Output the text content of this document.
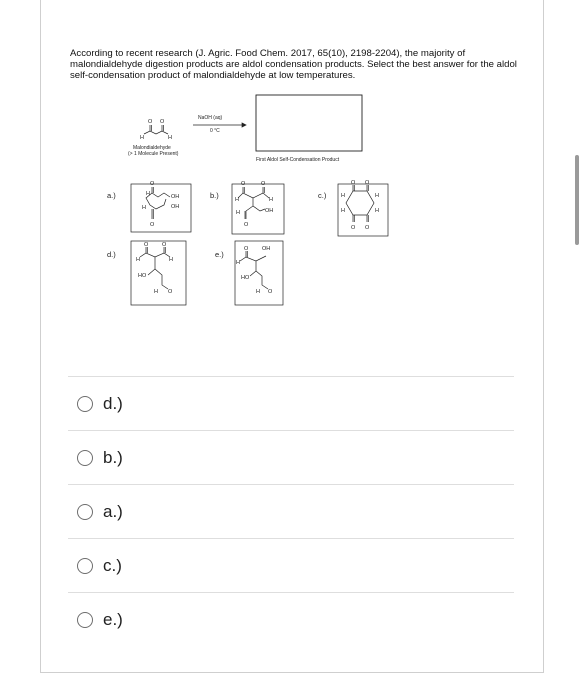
According to recent research (J. Agric. Food Chem. 2017, 65(10), 2198-2204), the majority of malondialdehyde digestion products are aldol condensation products. Select the best answer for the aldol self-condensation product of malondialdehyde at low temperatures.
O O
H	H
Malondialdehyde
(> 1 Molecule Present)
NaOH (aq)
0 °C
First Aldol Self-Condensation Product
a.)
O
H	OH
OH
H
O
b.)
O	O
H	H
H	OH
O
c.)
O O
H	H
H	H
O O
d.)
O O
H	H
HO
H O
e.)
O OH
H
HO
H O
d.)
b.)
a.)
c.)
e.)
